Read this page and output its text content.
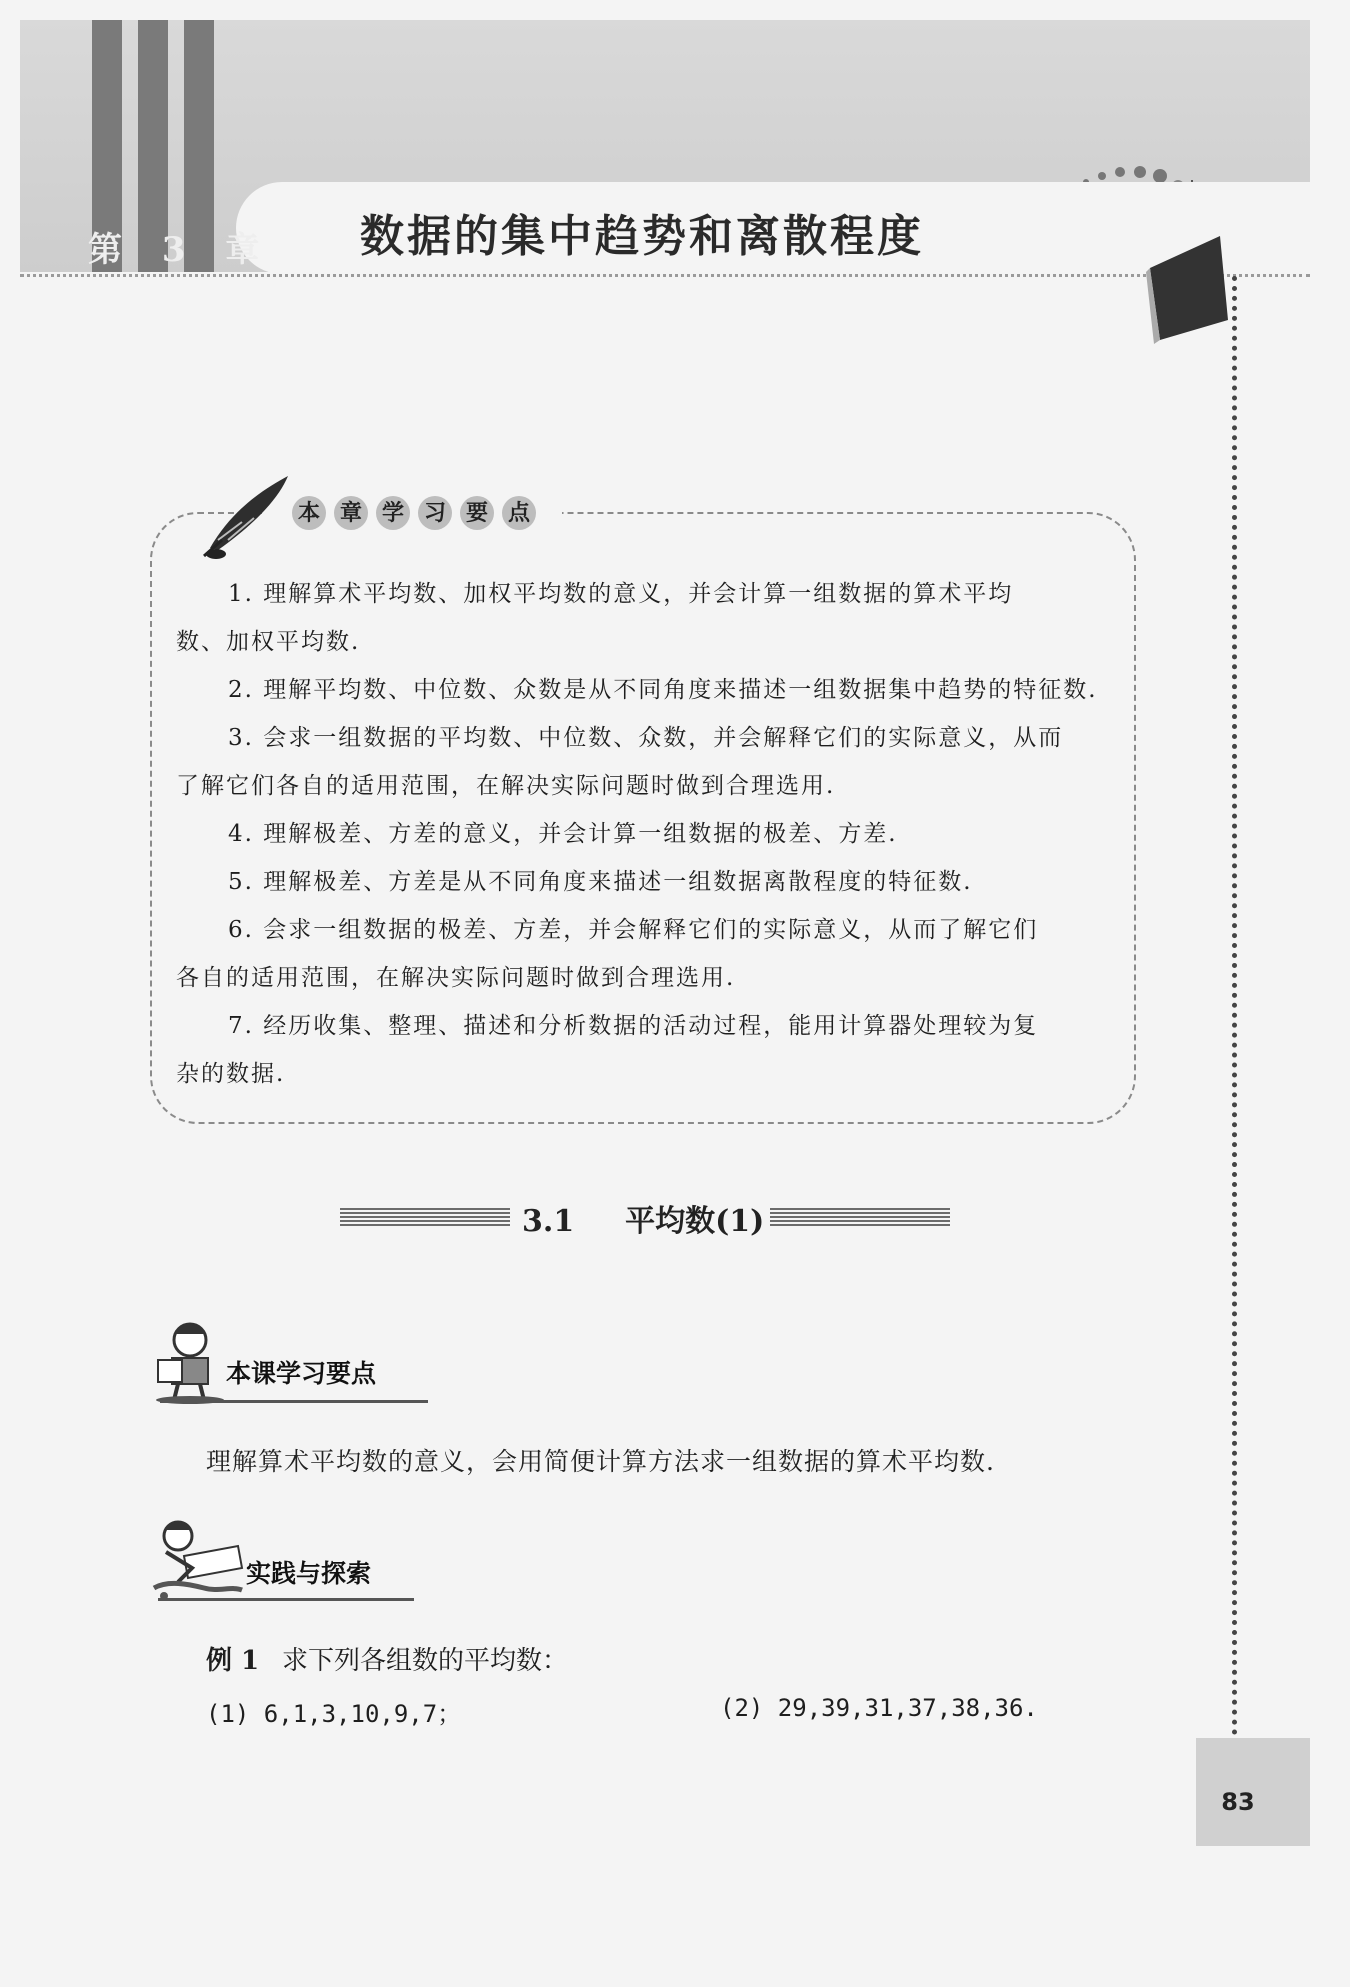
第 3 章 数据的集中趋势和离散程度
本 章 学 习 要 点
1. 理解算术平均数、加权平均数的意义，并会计算一组数据的算术平均
数、加权平均数.
2. 理解平均数、中位数、众数是从不同角度来描述一组数据集中趋势的特征数.
3. 会求一组数据的平均数、中位数、众数，并会解释它们的实际意义，从而
了解它们各自的适用范围，在解决实际问题时做到合理选用.
4. 理解极差、方差的意义，并会计算一组数据的极差、方差.
5. 理解极差、方差是从不同角度来描述一组数据离散程度的特征数.
6. 会求一组数据的极差、方差，并会解释它们的实际意义，从而了解它们
各自的适用范围，在解决实际问题时做到合理选用.
7. 经历收集、整理、描述和分析数据的活动过程，能用计算器处理较为复
杂的数据.
3.1 平均数(1)
本课学习要点
理解算术平均数的意义，会用简便计算方法求一组数据的算术平均数.
实践与探索
例 1 求下列各组数的平均数：
(1) 6,1,3,10,9,7；	(2) 29,39,31,37,38,36.
83
